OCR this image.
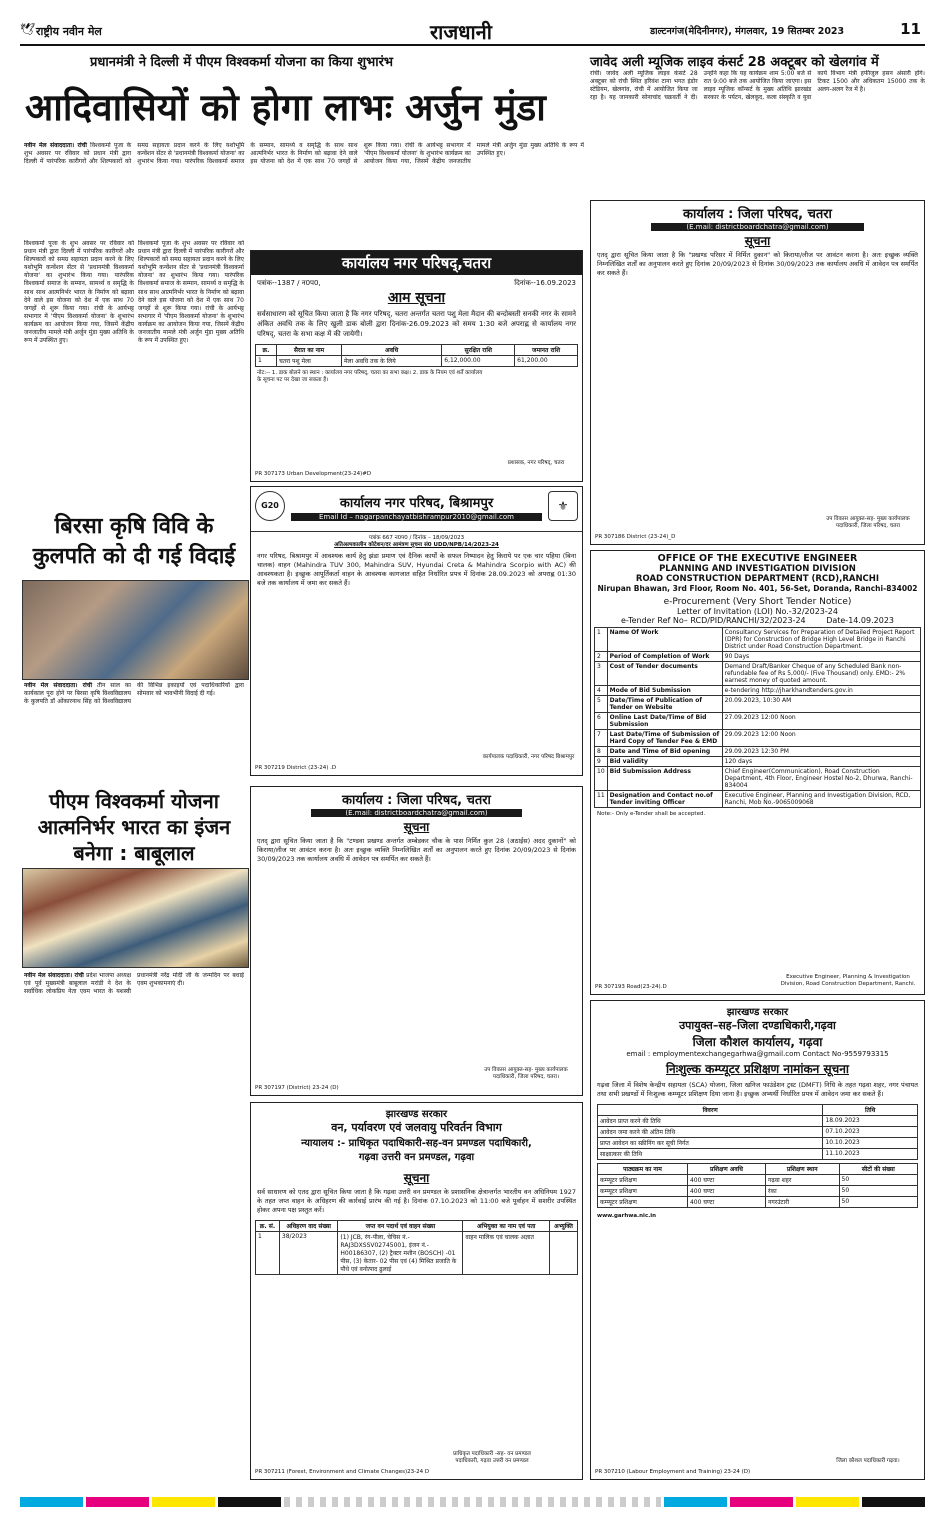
🕊 राष्ट्रीय नवीन मेल	राजधानी	डाल्टनगंज(मेदिनीनगर), मंगलवार, 19 सितम्बर 2023	11
प्रधानमंत्री ने दिल्ली में पीएम विश्वकर्मा योजना का किया शुभारंभ
आदिवासियों को होगा लाभः अर्जुन मुंडा
नवीन मेल संवाददाता। रांची विश्वकर्मा पूजा के शुभ अवसर पर रविवार को प्रधान मंत्री द्वारा दिल्ली में पारंपरिक कारीगरों और शिल्पकारों को समग्र सहायता प्रदान करने के लिए यशोभूमि कन्वेंशन सेंटर से 'प्रधानमंत्री विश्वकर्मा योजना' का शुभारंभ किया गया। पारंपरिक विश्वकर्मा समाज के सम्मान, सामर्थ्य व समृद्धि के साथ साथ आत्मनिर्भर भारत के निर्माण को बढ़ावा देने वाले इस योजना को देश में एक साथ 70 जगहों से शुरू किया गया। रांची के आर्यभट्ट सभागार में 'पीएम विश्वकर्मा योजना' के शुभारंभ कार्यक्रम का आयोजन किया गया, जिसमें केंद्रीय जनजातीय मामले मंत्री अर्जुन मुंडा मुख्य अतिथि के रूप में उपस्थित हुए।
विश्वकर्मा पूजा के शुभ अवसर पर रविवार को प्रधान मंत्री द्वारा दिल्ली में पारंपरिक कारीगरों और शिल्पकारों को समग्र सहायता प्रदान करने के लिए यशोभूमि कन्वेंशन सेंटर से 'प्रधानमंत्री विश्वकर्मा योजना' का शुभारंभ किया गया। पारंपरिक विश्वकर्मा समाज के सम्मान, सामर्थ्य व समृद्धि के साथ साथ आत्मनिर्भर भारत के निर्माण को बढ़ावा देने वाले इस योजना को देश में एक साथ 70 जगहों से शुरू किया गया। रांची के आर्यभट्ट सभागार में 'पीएम विश्वकर्मा योजना' के शुभारंभ कार्यक्रम का आयोजन किया गया, जिसमें केंद्रीय जनजातीय मामले मंत्री अर्जुन मुंडा मुख्य अतिथि के रूप में उपस्थित हुए।
विश्वकर्मा पूजा के शुभ अवसर पर रविवार को प्रधान मंत्री द्वारा दिल्ली में पारंपरिक कारीगरों और शिल्पकारों को समग्र सहायता प्रदान करने के लिए यशोभूमि कन्वेंशन सेंटर से 'प्रधानमंत्री विश्वकर्मा योजना' का शुभारंभ किया गया। पारंपरिक विश्वकर्मा समाज के सम्मान, सामर्थ्य व समृद्धि के साथ साथ आत्मनिर्भर भारत के निर्माण को बढ़ावा देने वाले इस योजना को देश में एक साथ 70 जगहों से शुरू किया गया। रांची के आर्यभट्ट सभागार में 'पीएम विश्वकर्मा योजना' के शुभारंभ कार्यक्रम का आयोजन किया गया, जिसमें केंद्रीय जनजातीय मामले मंत्री अर्जुन मुंडा मुख्य अतिथि के रूप में उपस्थित हुए।
बिरसा कृषि विवि के कुलपति को दी गई विदाई
नवीन मेल संवाददाता। रांची तीन साल का कार्यकाल पूरा होने पर बिरसा कृषि विश्वविद्यालय के कुलपति डॉ ओंकारनाथ सिंह को विश्वविद्यालय की विभिन्न इकाइयों एवं पदाधिकारियों द्वारा सोमवार को भावभीनी विदाई दी गई।
पीएम विश्वकर्मा योजना आत्मनिर्भर भारत का इंजन बनेगा : बाबूलाल
नवीन मेल संवाददाता। रांची प्रदेश भाजपा अध्यक्ष एवं पूर्व मुख्यमंत्री बाबूलाल मरांडी ने देश के सर्वाधिक लोकप्रिय नेता एवम भारत के यशस्वी प्रधानमंत्री नरेंद्र मोदी जी के जन्मदिन पर बधाई एवम शुभकामनाएं दी।
कार्यालय नगर परिषद्,चतरा
पत्रांक--1387 / न0प0,	दिनांक--16.09.2023
आम सूचना
सर्वसाधारण को सूचित किया जाता है कि नगर परिषद्, चतरा अन्तर्गत चतरा पशु मेला मैदान की बन्दोबस्ती सनकी नगर के सामने अंकित अवधि तक के लिए खुली डाक बोली द्वारा दिनांक-26.09.2023 को समय 1:30 बजे अपराह्न से कार्यालय नगर परिषद्, चतरा के सभा कक्ष में की जायेगी।
क्र.	सैरात का नाम	अवधि	सुरक्षित राशि	जमानत राशि
1	चतरा पशु मेला	मेला अवधि तक के लिये	6,12,000.00	61,200.00
नोट:-- 1. डाक बोलने का स्थान : कार्यालय नगर परिषद्, चतरा का सभा कक्ष। 2. डाक के नियम एवं शर्तें कार्यालय के सूचना पट पर देखा जा सकता है।
प्रशासक, नगर परिषद्, चतरा
PR 307173 Urban Development(23-24)#D
G20	कार्यालय नगर परिषद, बिश्रामपुर
Email Id – nagarpanchayatbishrampur2010@gmail.com
⚜
पत्रांक 667 न0प0 / दिनांक – 18/09/2023
अतिअल्पकालीन कोटेशन/दर आमंत्रण सूचना सं0 UDD/NPB/14/2023-24
नगर परिषद, बिश्रामपुर में आवश्यक कार्य हेतु झंडा प्रमाण एवं दैनिक कार्यों के सफल निष्पादन हेतु किराये पर एक चार पहिया (बिना चालक) वाहन (Mahindra TUV 300, Mahindra SUV, Hyundai Creta & Mahindra Scorpio with AC) की आवश्यकता है। इच्छुक आपूर्तिकर्ता वाहन के आवश्यक कागजात सहित निर्धारित प्रपत्र में दिनांक 28.09.2023 को अपराह्न 01:30 बजे तक कार्यालय में जमा कर सकते हैं।
कार्यपालक पदाधिकारी, नगर परिषद बिश्रामपुर
PR 307219 District (23-24) .D
कार्यालय : जिला परिषद, चतरा
(E.mail: districtboardchatra@gmail.com)
सूचना
एतद् द्वारा सूचित किया जाता है कि "टण्डवा प्रखण्ड अन्तर्गत अम्बेडकर चौक के पास निर्मित कुल 28 (अठाईस) अदद दुकानों" को किराया/लीज पर आवंटन करना है। अतः इच्छुक व्यक्ति निम्नलिखित शर्तों का अनुपालन करते हुए दिनांक 20/09/2023 से दिनांक 30/09/2023 तक कार्यालय अवधि में आवेदन पत्र समर्पित कर सकते हैं।
उप विकास आयुक्त-सह- मुख्य कार्यपालक पदाधिकारी, जिला परिषद, चतरा।
PR 307197 (District) 23-24 (D)
झारखण्ड सरकार
वन, पर्यावरण एवं जलवायु परिवर्तन विभाग
न्यायालय :- प्राधिकृत पदाधिकारी-सह-वन प्रमण्डल पदाधिकारी,
गढ़वा उत्तरी वन प्रमण्डल, गढ़वा
सूचना
सर्व साधारण को एतद द्वारा सूचित किया जाता है कि गढ़वा उत्तरी वन प्रमण्डल के प्रशासनिक क्षेत्रान्तर्गत भारतीय वन अधिनियम 1927 के तहत जप्त वाहन के अधिहरण की कार्रवाई प्रारंभ की गई है। दिनांक 07.10.2023 को 11:00 बजे पूर्वाहन में सशरीर उपस्थित होकर अपना पक्ष प्रस्तुत करें।
क्र. सं.	अधिहरण वाद संख्या	जप्त वन पदार्थ एवं वाहन संख्या	अभियुक्त का नाम एवं पता	अभ्युक्ति
1	38/2023	(1) JCB, रंग-पीला, चेचिस नं.-RAJ3DXSSV02745001, इंजन नं.-H00186307, (2) ट्रैक्टर मशीन (BOSCH) -01 पीस, (3) केतार- 02 पीस एवं (4) मिश्रित प्रजाति के पौधे एवं वनोत्पाद ढुलाई	वाहन मालिक एवं चालक अज्ञात	
प्राधिकृत पदाधिकारी -सह- वन प्रमण्डल पदाधिकारी, गढ़वा उत्तरी वन प्रमण्डल
PR 307211 (Forest, Environment and Climate Changes)23-24 D
जावेद अली म्यूजिक लाइव कंसर्ट 28 अक्टूबर को खेलगांव में
रांची। जावेद अली म्यूजिक लाइव कंसर्ट 28 अक्टूबर को रांची स्थित हरिवंश टाना भगत इंडोर स्टेडियम, खेलगांव, रांची में आयोजित किया जा रहा है। यह जानकारी सोनाचांद चक्रवर्ती ने दी। उन्होंने कहा कि यह कार्यक्रम शाम 5:00 बजे से रात 9:00 बजे तक आयोजित किया जाएगा। इस लाइव म्यूजिक कॉन्सर्ट के मुख्य अतिथि झारखंड सरकार के पर्यटन, खेलकूद, कला संस्कृति व युवा कार्य विभाग मंत्री हफीजुल हसन अंसारी होंगे। टिकट 1500 और अधिकतम 15000 तक के अलग-अलग रेंज में है।
कार्यालय : जिला परिषद, चतरा
(E.mail: districtboardchatra@gmail.com)
सूचना
एतद् द्वारा सूचित किया जाता है कि "प्रखण्ड परिसर में निर्मित दुकान" को किराया/लीज पर आवंटन करना है। अतः इच्छुक व्यक्ति निम्नलिखित शर्तों का अनुपालन करते हुए दिनांक 20/09/2023 से दिनांक 30/09/2023 तक कार्यालय अवधि में आवेदन पत्र समर्पित कर सकते हैं।
उप विकास आयुक्त-सह- मुख्य कार्यपालक पदाधिकारी, जिला परिषद, चतरा
PR 307186 District (23-24)_D
OFFICE OF THE EXECUTIVE ENGINEER
PLANNING AND INVESTIGATION DIVISION
ROAD CONSTRUCTION DEPARTMENT (RCD),RANCHI
Nirupan Bhawan, 3rd Floor, Room No. 401, 56-Set, Doranda, Ranchi-834002
e-Procurement (Very Short Tender Notice)
Letter of Invitation (LOI) No.-32/2023-24
e-Tender Ref No– RCD/PID/RANCHI/32/2023-24	Date-14.09.2023
1	Name Of Work	Consultancy Services for Preparation of Detailed Project Report (DPR) for Construction of Bridge High Level Bridge in Ranchi District under Road Construction Department.
2	Period of Completion of Work	90 Days
3	Cost of Tender documents	Demand Draft/Banker Cheque of any Scheduled Bank non-refundable fee of Rs 5,000/- (Five Thousand) only. EMD:- 2% earnest money of quoted amount.
4	Mode of Bid Submission	e-tendering http://jharkhandtenders.gov.in
5	Date/Time of Publication of Tender on Website	20.09.2023, 10:30 AM
6	Online Last Date/Time of Bid Submission	27.09.2023 12:00 Noon
7	Last Date/Time of Submission of Hard Copy of Tender Fee & EMD	29.09.2023 12:00 Noon
8	Date and Time of Bid opening	29.09.2023 12:30 PM
9	Bid validity	120 days
10	Bid Submission Address	Chief Engineer(Communication), Road Construction Department, 4th Floor, Engineer Hostel No-2, Dhurwa, Ranchi-834004
11	Designation and Contact no.of Tender inviting Officer	Executive Engineer, Planning and Investigation Division, RCD, Ranchi, Mob No.-9065009068
Note:- Only e-Tender shall be accepted.
Executive Engineer, Planning & Investigation Division, Road Construction Department, Ranchi.
PR 307193 Road(23-24).D
झारखण्ड सरकार
उपायुक्त–सह–जिला दण्डाधिकारी,गढ़वा
जिला कौशल कार्यालय, गढ़वा
email : employmentexchangegarhwa@gmail.com Contact No-9559793315
निःशुल्क कम्प्यूटर प्रशिक्षण नामांकन सूचना
गढ़वा जिला में विशेष केन्द्रीय सहायता (SCA) योजना, जिला खनिज फाउंडेशन ट्रस्ट (DMFT) निधि के तहत गढ़वा शहर, नगर पंचायत तथा सभी प्रखण्डों में निःशुल्क कम्प्यूटर प्रशिक्षण दिया जाना है। इच्छुक अभ्यर्थी निर्धारित प्रपत्र में आवेदन जमा कर सकते हैं।
विवरण	तिथि
आवेदन प्राप्त करने की तिथि	18.09.2023
आवेदन जमा करने की अंतिम तिथि	07.10.2023
प्राप्त आवेदन का स्क्रीनिंग कर सूची निर्गत	10.10.2023
साक्षात्कार की तिथि	11.10.2023
पाठ्यक्रम का नाम	प्रशिक्षण अवधि	प्रशिक्षण स्थान	सीटों की संख्या
कम्प्यूटर प्रशिक्षण	400 घण्टा	गढ़वा शहर	50
कम्प्यूटर प्रशिक्षण	400 घण्टा	रंका	50
कम्प्यूटर प्रशिक्षण	400 घण्टा	नगरउंटारी	50
www.garhwa.nic.in
जिला कौशल पदाधिकारी गढ़वा।
PR 307210 (Labour Employment and Training) 23-24 (D)
